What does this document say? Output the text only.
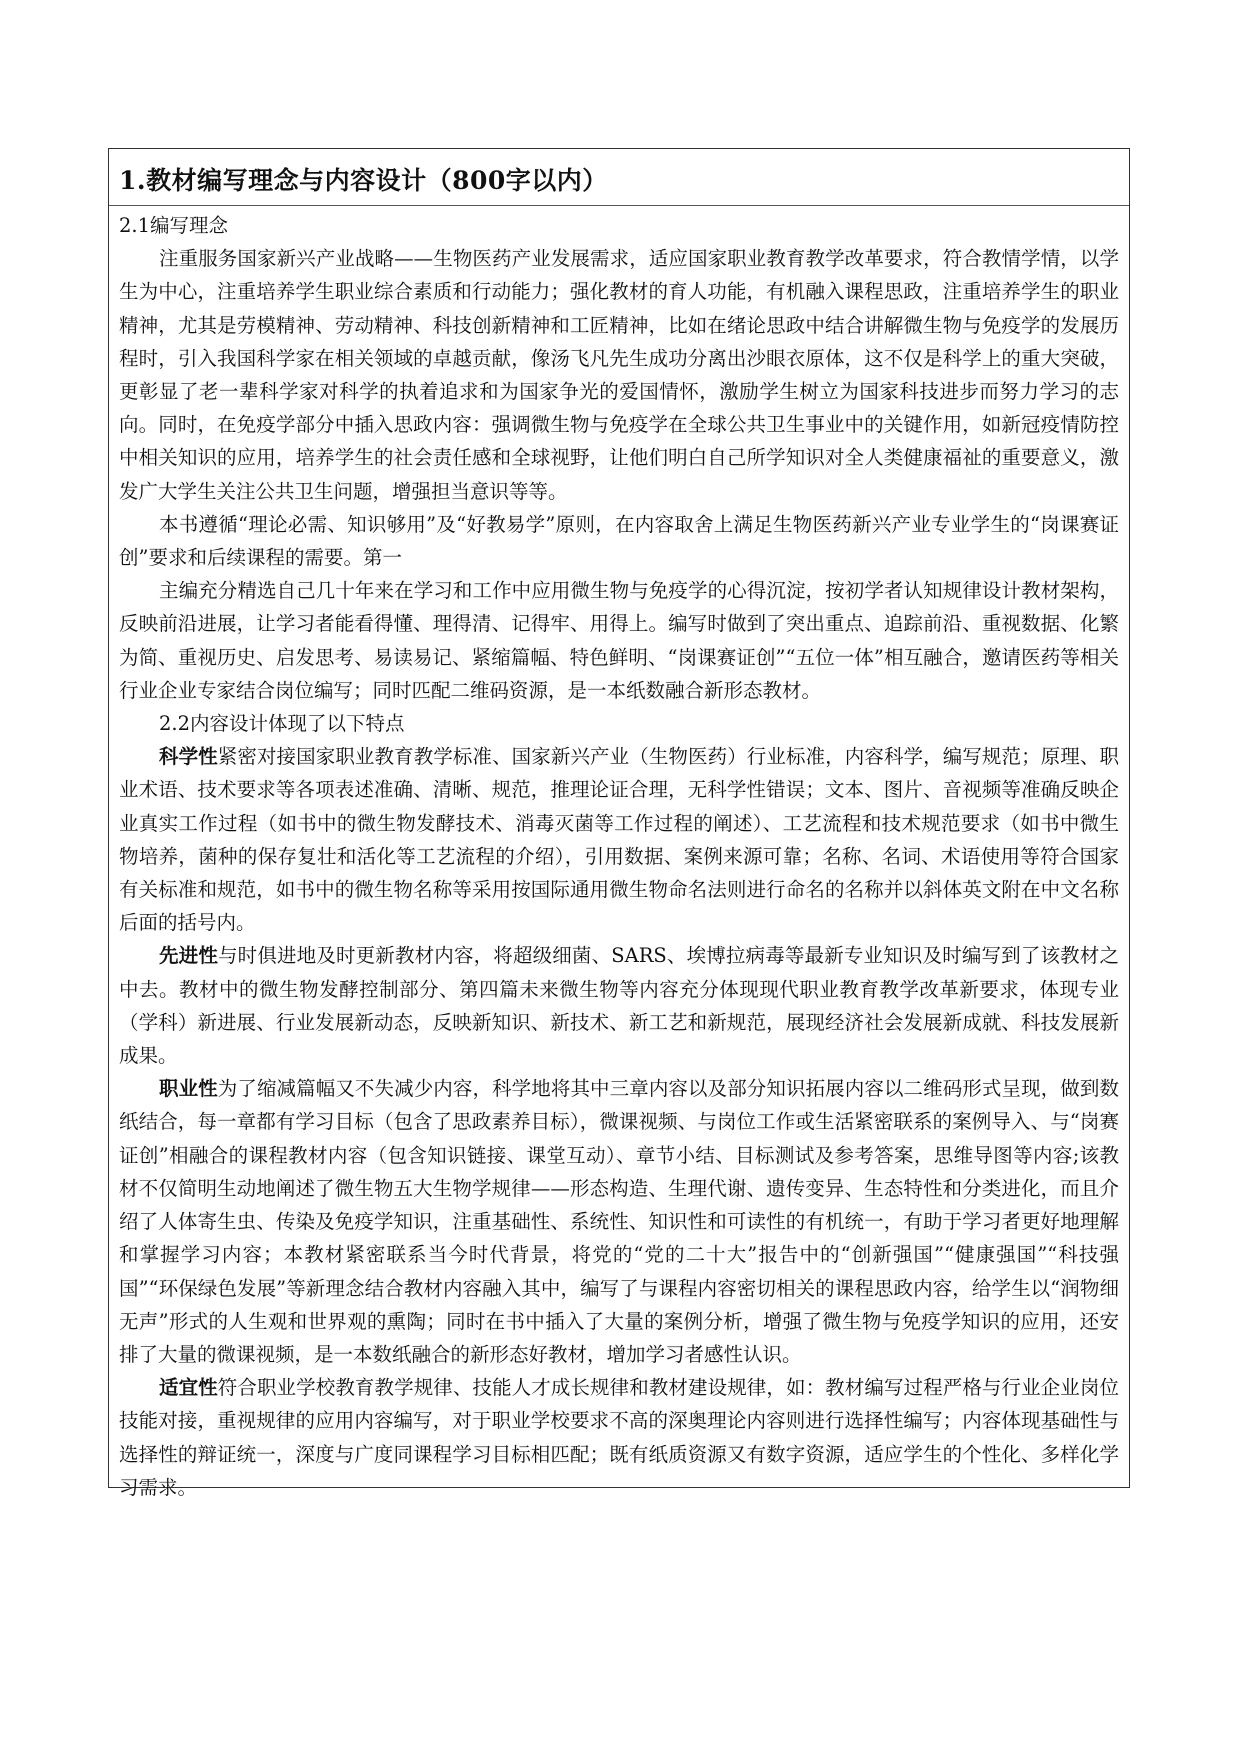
1.教材编写理念与内容设计（800字以内）

2.1编写理念

注重服务国家新兴产业战略——生物医药产业发展需求，适应国家职业教育教学改革要求，符合教情学情，以学生为中心，注重培养学生职业综合素质和行动能力；强化教材的育人功能，有机融入课程思政，注重培养学生的职业精神，尤其是劳模精神、劳动精神、科技创新精神和工匠精神，比如在绪论思政中结合讲解微生物与免疫学的发展历程时，引入我国科学家在相关领域的卓越贡献，像汤飞凡先生成功分离出沙眼衣原体，这不仅是科学上的重大突破，更彰显了老一辈科学家对科学的执着追求和为国家争光的爱国情怀，激励学生树立为国家科技进步而努力学习的志向。同时，在免疫学部分中插入思政内容：强调微生物与免疫学在全球公共卫生事业中的关键作用，如新冠疫情防控中相关知识的应用，培养学生的社会责任感和全球视野，让他们明白自己所学知识对全人类健康福祉的重要意义，激发广大学生关注公共卫生问题，增强担当意识等等。

本书遵循“理论必需、知识够用”及“好教易学”原则，在内容取舍上满足生物医药新兴产业专业学生的“岗课赛证创”要求和后续课程的需要。第一

主编充分精选自己几十年来在学习和工作中应用微生物与免疫学的心得沉淀，按初学者认知规律设计教材架构，反映前沿进展，让学习者能看得懂、理得清、记得牢、用得上。编写时做到了突出重点、追踪前沿、重视数据、化繁为简、重视历史、启发思考、易读易记、紧缩篇幅、特色鲜明、“岗课赛证创”“五位一体”相互融合，邀请医药等相关行业企业专家结合岗位编写；同时匹配二维码资源，是一本纸数融合新形态教材。

2.2内容设计体现了以下特点

科学性紧密对接国家职业教育教学标准、国家新兴产业（生物医药）行业标准，内容科学，编写规范；原理、职业术语、技术要求等各项表述准确、清晰、规范，推理论证合理，无科学性错误；文本、图片、音视频等准确反映企业真实工作过程（如书中的微生物发酵技术、消毒灭菌等工作过程的阐述）、工艺流程和技术规范要求（如书中微生物培养，菌种的保存复壮和活化等工艺流程的介绍），引用数据、案例来源可靠；名称、名词、术语使用等符合国家有关标准和规范，如书中的微生物名称等采用按国际通用微生物命名法则进行命名的名称并以斜体英文附在中文名称后面的括号内。

先进性与时俱进地及时更新教材内容，将超级细菌、SARS、埃博拉病毒等最新专业知识及时编写到了该教材之中去。教材中的微生物发酵控制部分、第四篇未来微生物等内容充分体现现代职业教育教学改革新要求，体现专业（学科）新进展、行业发展新动态，反映新知识、新技术、新工艺和新规范，展现经济社会发展新成就、科技发展新成果。

职业性为了缩减篇幅又不失减少内容，科学地将其中三章内容以及部分知识拓展内容以二维码形式呈现，做到数纸结合，每一章都有学习目标（包含了思政素养目标），微课视频、与岗位工作或生活紧密联系的案例导入、与“岗赛证创”相融合的课程教材内容（包含知识链接、课堂互动）、章节小结、目标测试及参考答案，思维导图等内容;该教材不仅简明生动地阐述了微生物五大生物学规律——形态构造、生理代谢、遗传变异、生态特性和分类进化，而且介绍了人体寄生虫、传染及免疫学知识，注重基础性、系统性、知识性和可读性的有机统一，有助于学习者更好地理解和掌握学习内容；本教材紧密联系当今时代背景，将党的“党的二十大”报告中的“创新强国”“健康强国”“科技强国”“环保绿色发展”等新理念结合教材内容融入其中，编写了与课程内容密切相关的课程思政内容，给学生以“润物细无声”形式的人生观和世界观的熏陶；同时在书中插入了大量的案例分析，增强了微生物与免疫学知识的应用，还安排了大量的微课视频，是一本数纸融合的新形态好教材，增加学习者感性认识。

适宜性符合职业学校教育教学规律、技能人才成长规律和教材建设规律，如：教材编写过程严格与行业企业岗位技能对接，重视规律的应用内容编写，对于职业学校要求不高的深奥理论内容则进行选择性编写；内容体现基础性与选择性的辩证统一，深度与广度同课程学习目标相匹配；既有纸质资源又有数字资源，适应学生的个性化、多样化学习需求。
